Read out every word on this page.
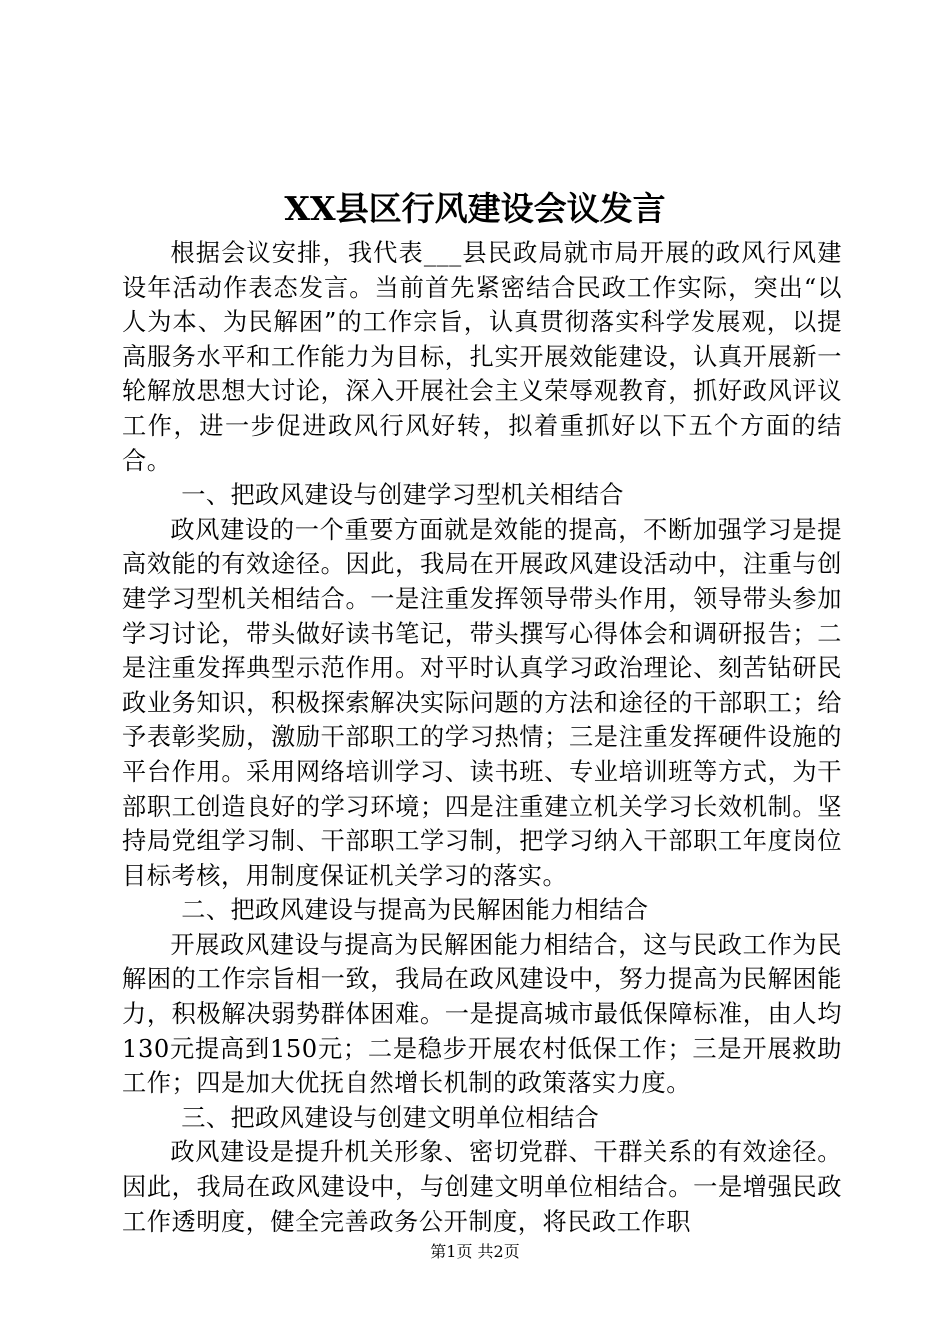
XX县区行风建设会议发言

根据会议安排，我代表___县民政局就市局开展的政风行风建设年活动作表态发言。当前首先紧密结合民政工作实际，突出“以人为本、为民解困”的工作宗旨，认真贯彻落实科学发展观，以提高服务水平和工作能力为目标，扎实开展效能建设，认真开展新一轮解放思想大讨论，深入开展社会主义荣辱观教育，抓好政风评议工作，进一步促进政风行风好转，拟着重抓好以下五个方面的结合。

一、把政风建设与创建学习型机关相结合

政风建设的一个重要方面就是效能的提高，不断加强学习是提高效能的有效途径。因此，我局在开展政风建设活动中，注重与创建学习型机关相结合。一是注重发挥领导带头作用，领导带头参加学习讨论，带头做好读书笔记，带头撰写心得体会和调研报告；二是注重发挥典型示范作用。对平时认真学习政治理论、刻苦钻研民政业务知识，积极探索解决实际问题的方法和途径的干部职工；给予表彰奖励，激励干部职工的学习热情；三是注重发挥硬件设施的平台作用。采用网络培训学习、读书班、专业培训班等方式，为干部职工创造良好的学习环境；四是注重建立机关学习长效机制。坚持局党组学习制、干部职工学习制，把学习纳入干部职工年度岗位目标考核，用制度保证机关学习的落实。

二、把政风建设与提高为民解困能力相结合

开展政风建设与提高为民解困能力相结合，这与民政工作为民解困的工作宗旨相一致，我局在政风建设中，努力提高为民解困能力，积极解决弱势群体困难。一是提高城市最低保障标准，由人均130元提高到150元；二是稳步开展农村低保工作；三是开展救助工作；四是加大优抚自然增长机制的政策落实力度。

三、把政风建设与创建文明单位相结合

政风建设是提升机关形象、密切党群、干群关系的有效途径。因此，我局在政风建设中，与创建文明单位相结合。一是增强民政工作透明度，健全完善政务公开制度，将民政工作职

第1页 共2页
